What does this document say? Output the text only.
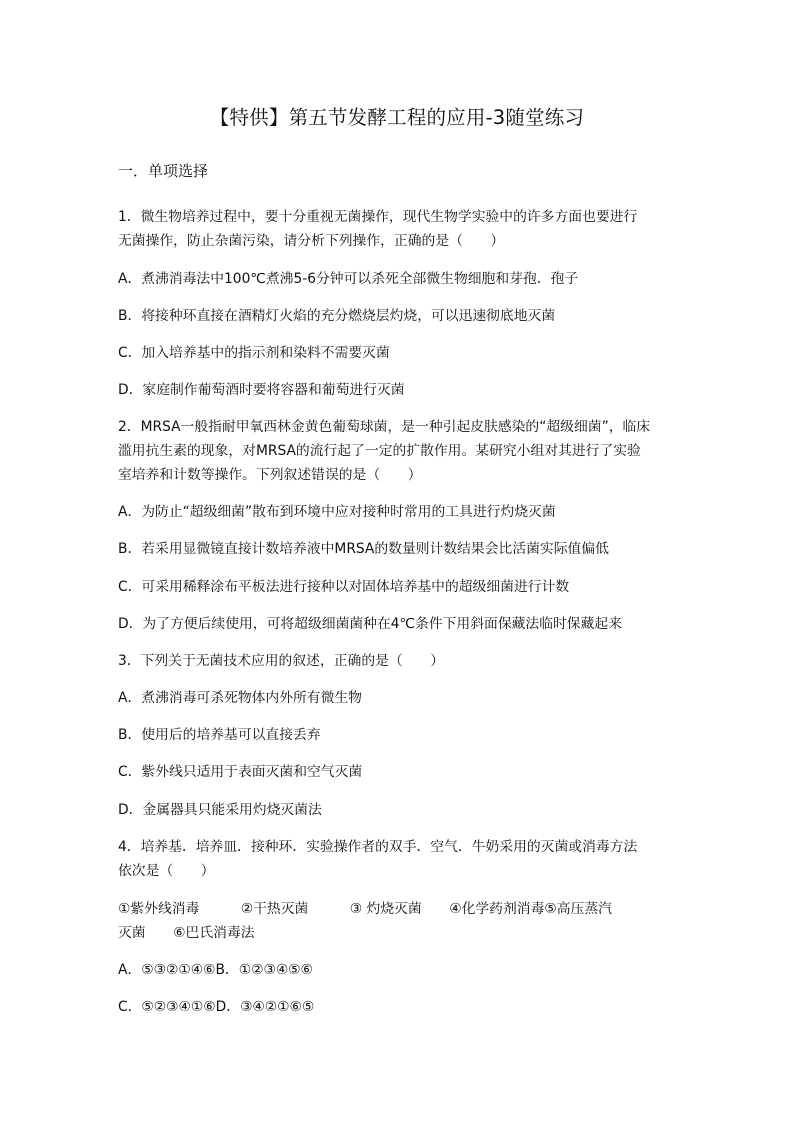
【特供】第五节发酵工程的应用-3随堂练习
一．单项选择
1．微生物培养过程中，要十分重视无菌操作，现代生物学实验中的许多方面也要进行
无菌操作，防止杂菌污染，请分析下列操作，正确的是（　　）
A．煮沸消毒法中100℃煮沸5-6分钟可以杀死全部微生物细胞和芽孢．孢子
B．将接种环直接在酒精灯火焰的充分燃烧层灼烧，可以迅速彻底地灭菌
C．加入培养基中的指示剂和染料不需要灭菌
D．家庭制作葡萄酒时要将容器和葡萄进行灭菌
2．MRSA一般指耐甲氧西林金黄色葡萄球菌，是一种引起皮肤感染的“超级细菌”，临床
滥用抗生素的现象，对MRSA的流行起了一定的扩散作用。某研究小组对其进行了实验
室培养和计数等操作。下列叙述错误的是（　　）
A．为防止“超级细菌”散布到环境中应对接种时常用的工具进行灼烧灭菌
B．若采用显微镜直接计数培养液中MRSA的数量则计数结果会比活菌实际值偏低
C．可采用稀释涂布平板法进行接种以对固体培养基中的超级细菌进行计数
D．为了方便后续使用，可将超级细菌菌种在4℃条件下用斜面保藏法临时保藏起来
3．下列关于无菌技术应用的叙述，正确的是（　　）
A．煮沸消毒可杀死物体内外所有微生物
B．使用后的培养基可以直接丢弃
C．紫外线只适用于表面灭菌和空气灭菌
D．金属器具只能采用灼烧灭菌法
4．培养基．培养皿．接种环．实验操作者的双手．空气．牛奶采用的灭菌或消毒方法
依次是（　　）
①紫外线消毒　　　②干热灭菌　　　③ 灼烧灭菌　　④化学药剂消毒⑤高压蒸汽
灭菌　　⑥巴氏消毒法
A．⑤③②①④⑥B．①②③④⑤⑥
C．⑤②③④①⑥D．③④②①⑥⑤
